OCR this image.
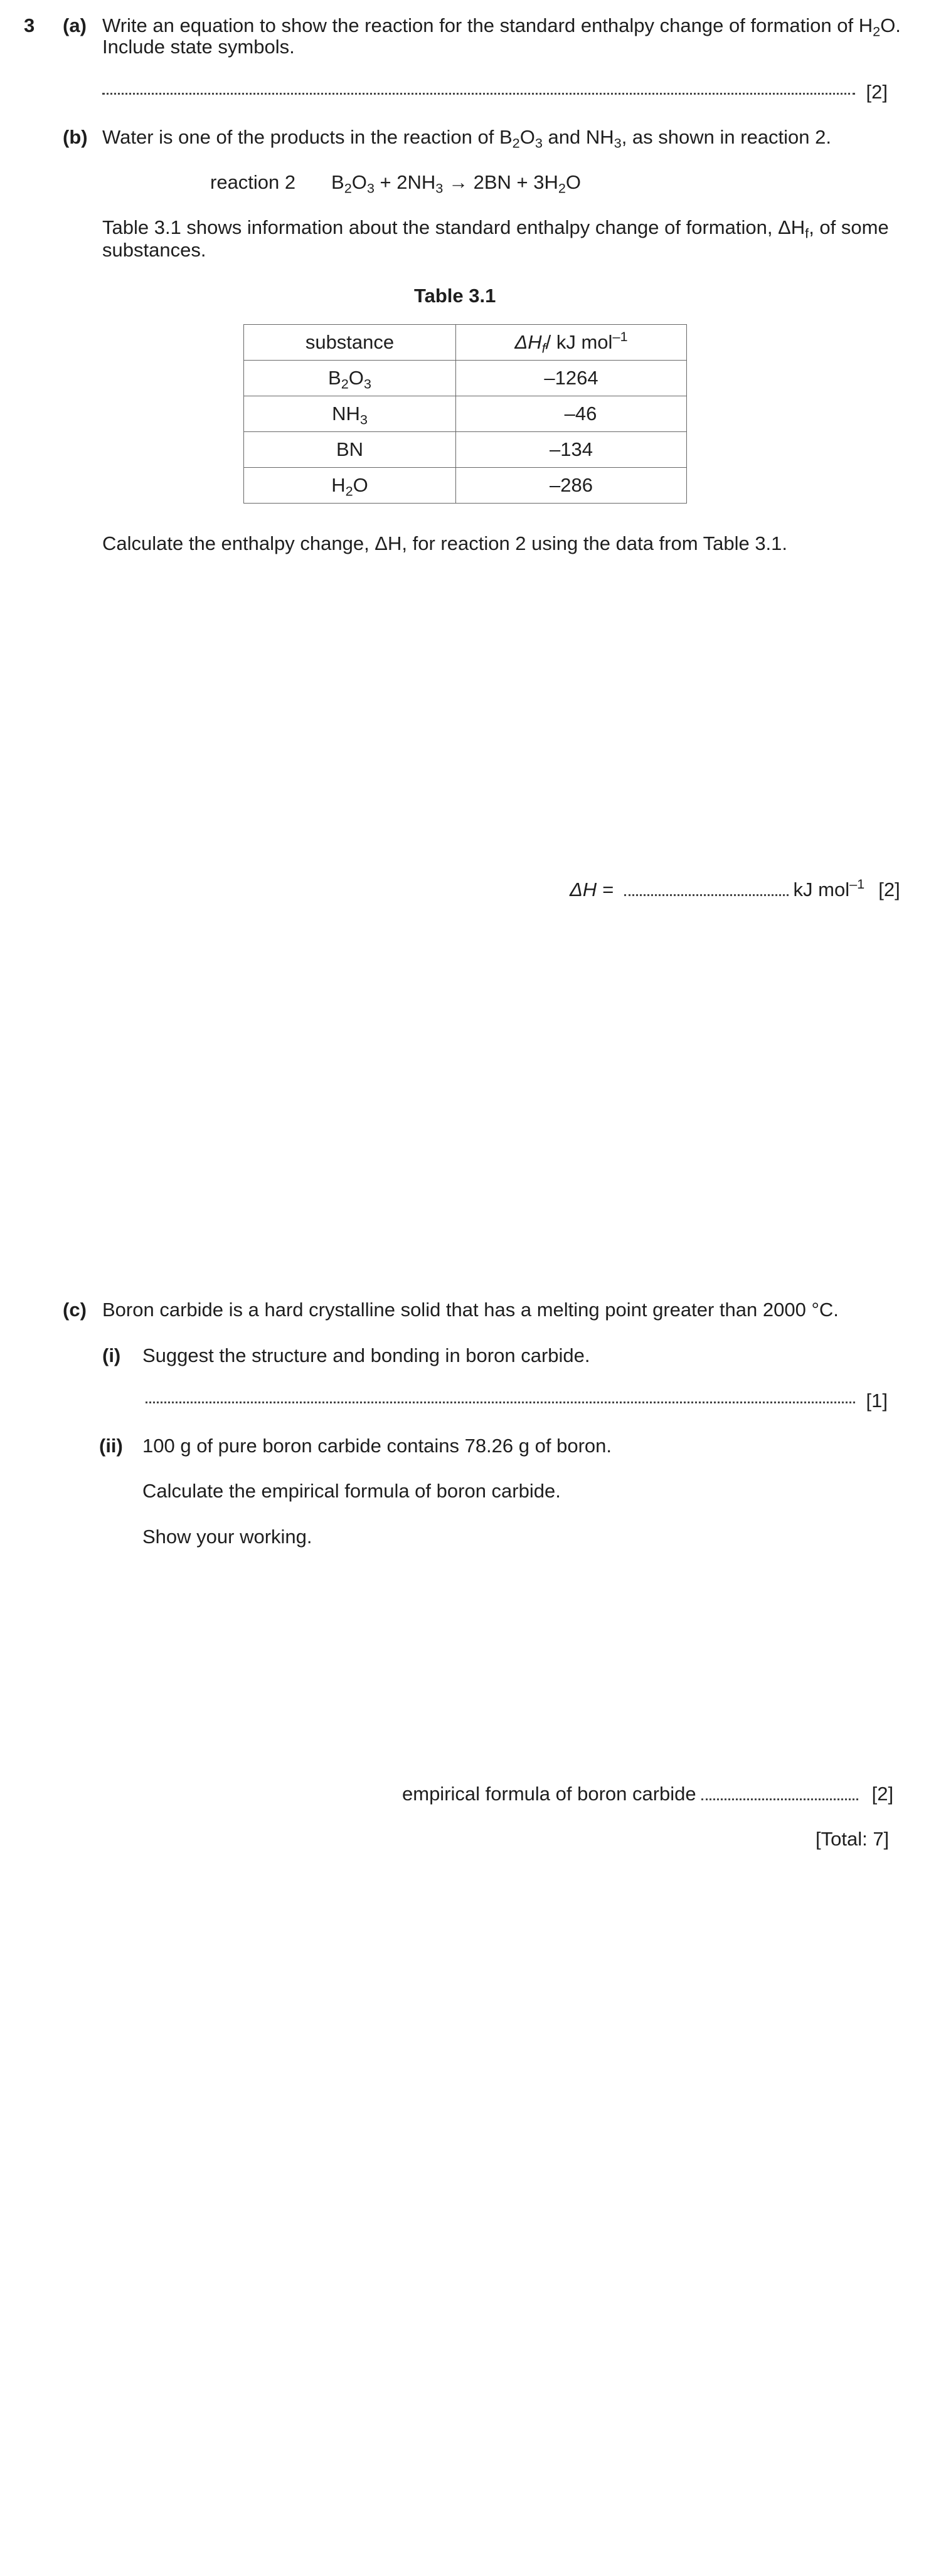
3 (a) Write an equation to show the reaction for the standard enthalpy change of formation of $H_2O$.
Include state symbols.
[2]
(b) Water is one of the products in the reaction of $B_2O_3$ and $NH_3$, as shown in reaction 2.
reaction 2 $B_2O_3 + 2NH_3 \to 2BN + 3H_2O$
Table 3.1 shows information about the standard enthalpy change of formation, $\Delta H_f$, of some
substances.
Table 3.1
substance	$\Delta H_f/$ kJ mol$^{-1}$
$B_2O_3$	–1264
$NH_3$	–46
BN	–134
$H_2O$	–286
Calculate the enthalpy change, ΔH, for reaction 2 using the data from Table 3.1.
ΔH =	kJ mol$^{-1}$ [2]
(c) Boron carbide is a hard crystalline solid that has a melting point greater than 2000 °C.
(i) Suggest the structure and bonding in boron carbide.
[1]
(ii) 100 g of pure boron carbide contains 78.26 g of boron.
Calculate the empirical formula of boron carbide.
Show your working.
empirical formula of boron carbide	[2]
[Total: 7]
